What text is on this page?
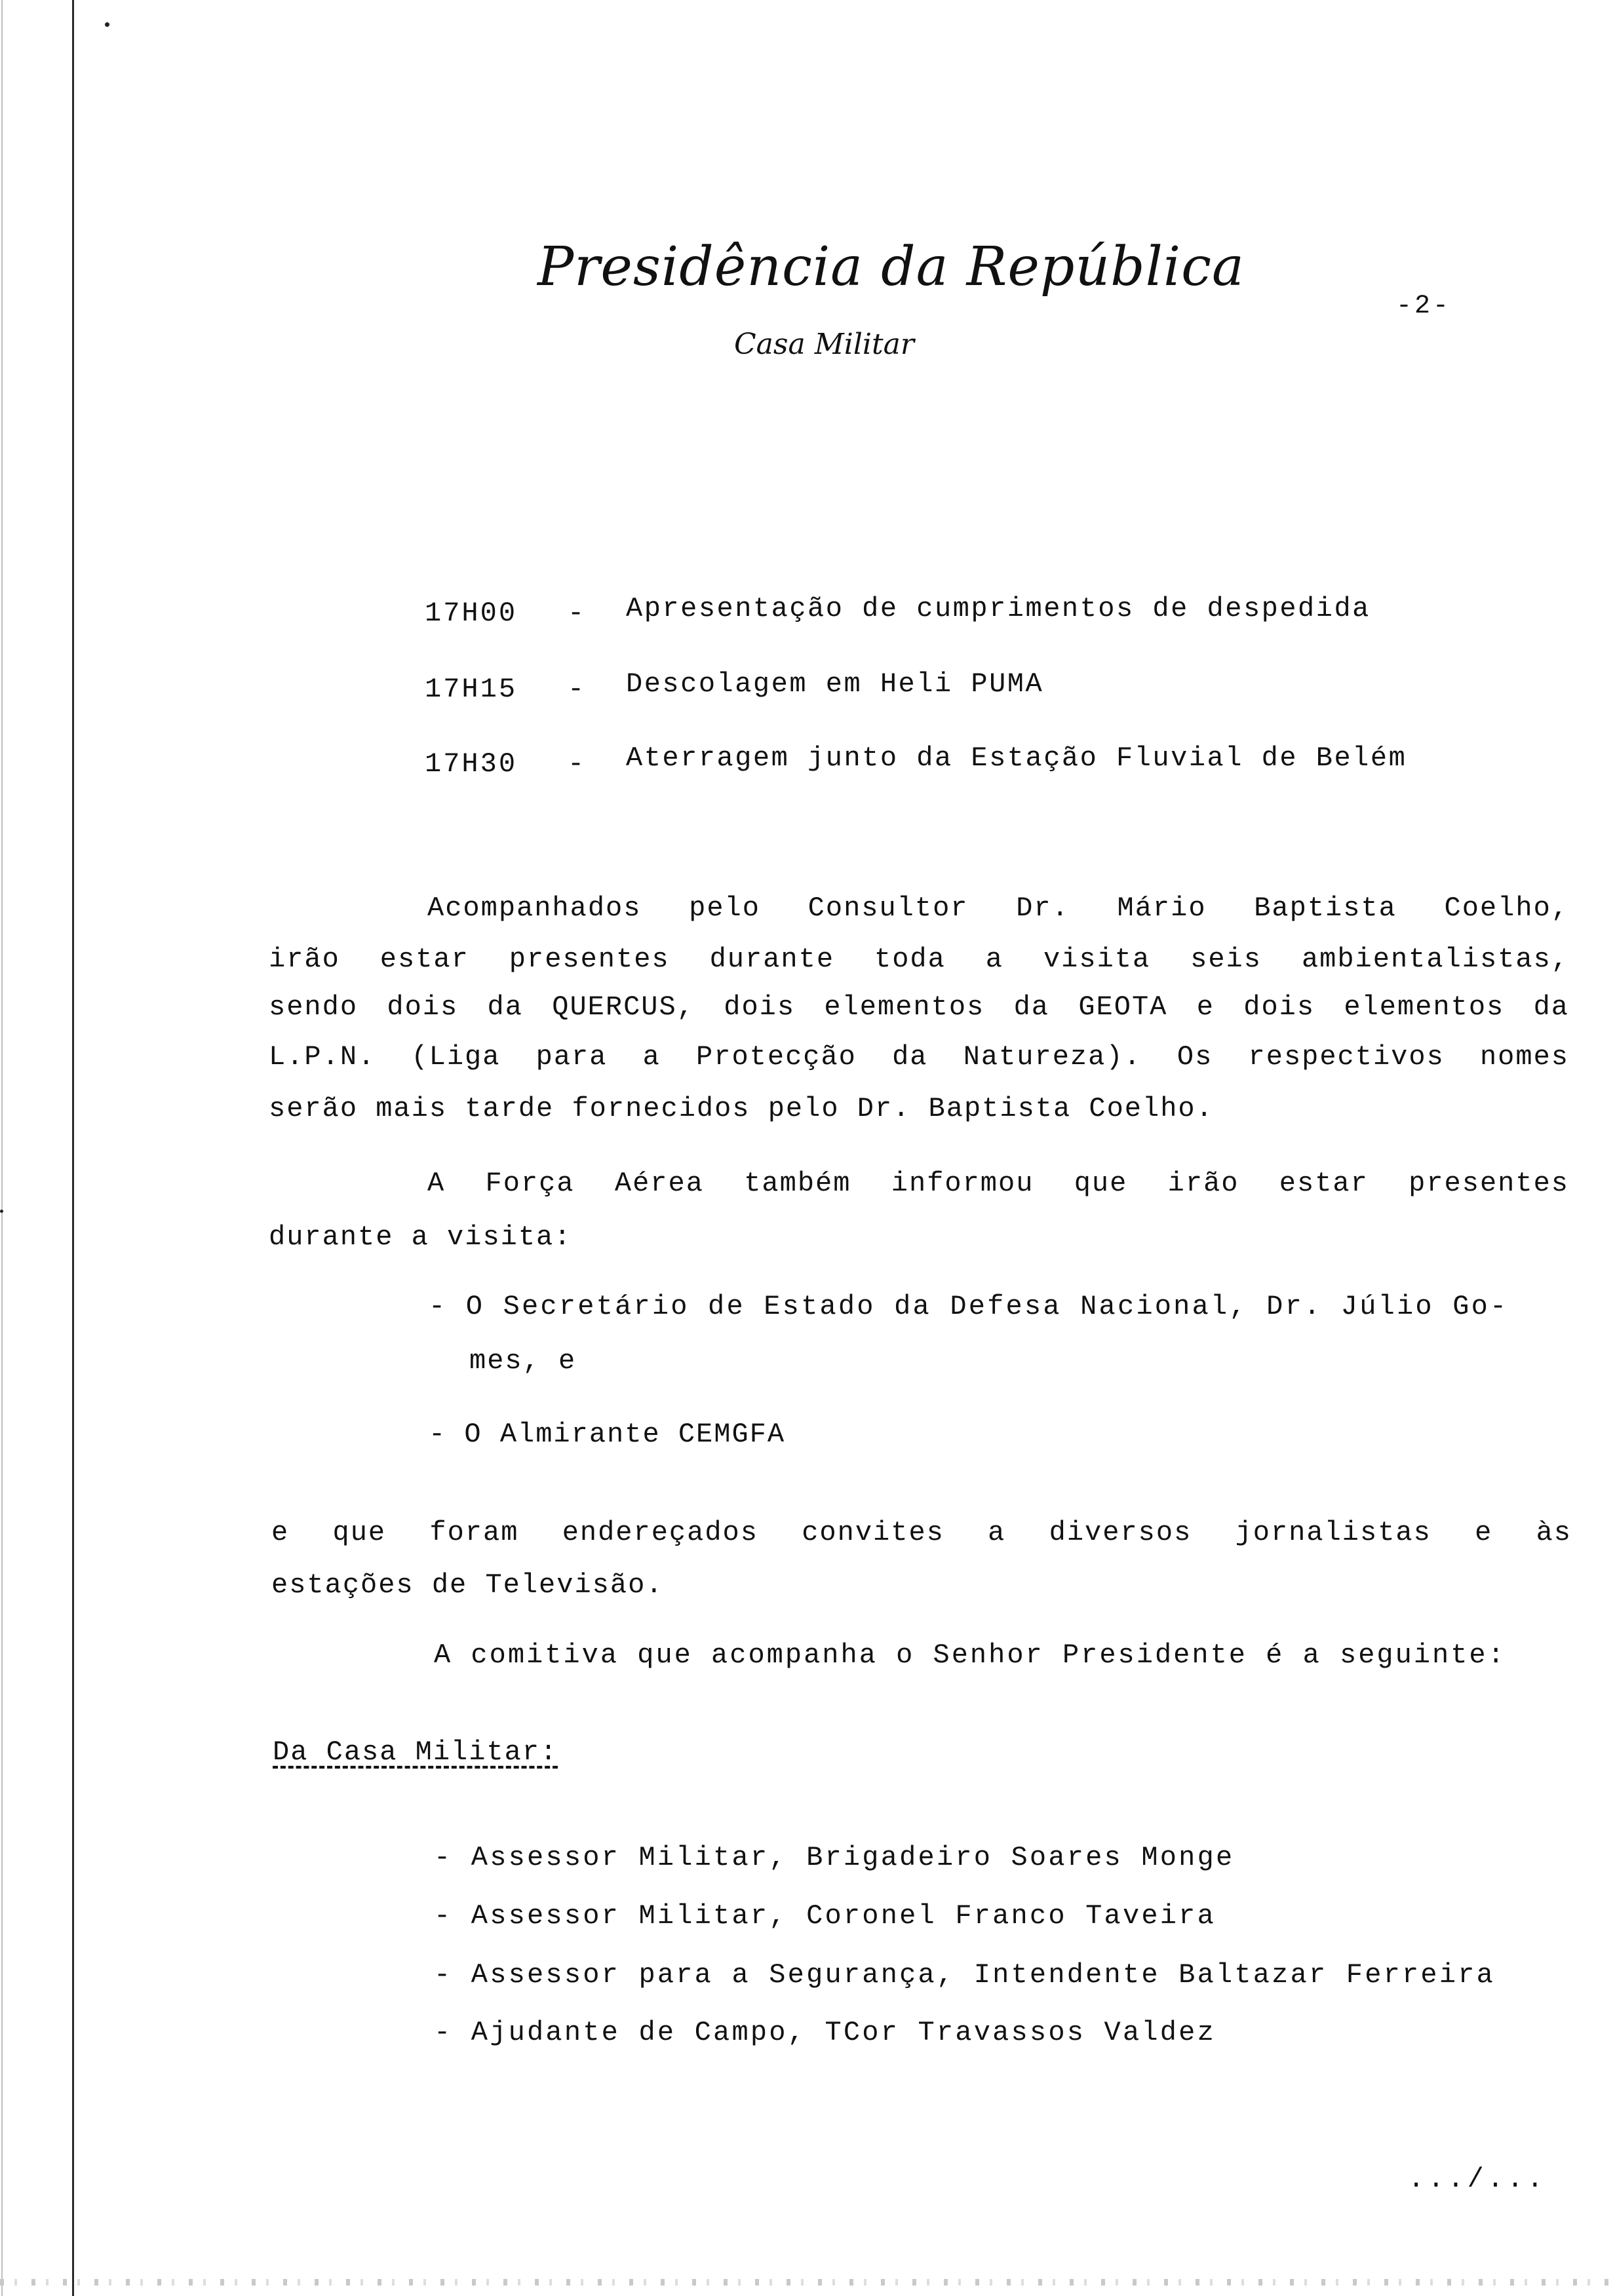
Presidência da República
Casa Militar
-2-
17H00 - Apresentação de cumprimentos de despedida
17H15 - Descolagem em Heli PUMA
17H30 - Aterragem junto da Estação Fluvial de Belém
Acompanhados pelo Consultor Dr. Mário Baptista Coelho,
irão estar presentes durante toda a visita seis ambientalistas,
sendo dois da QUERCUS, dois elementos da GEOTA e dois elementos da
L.P.N. (Liga para a Protecção da Natureza). Os respectivos nomes
serão mais tarde fornecidos pelo Dr. Baptista Coelho.
A Força Aérea também informou que irão estar presentes
durante a visita:
- O Secretário de Estado da Defesa Nacional, Dr. Júlio Go-
mes, e
- O Almirante CEMGFA
e que foram endereçados convites a diversos jornalistas e às
estações de Televisão.
A comitiva que acompanha o Senhor Presidente é a seguinte:
Da Casa Militar:
- Assessor Militar, Brigadeiro Soares Monge
- Assessor Militar, Coronel Franco Taveira
- Assessor para a Segurança, Intendente Baltazar Ferreira
- Ajudante de Campo, TCor Travassos Valdez
.../...
